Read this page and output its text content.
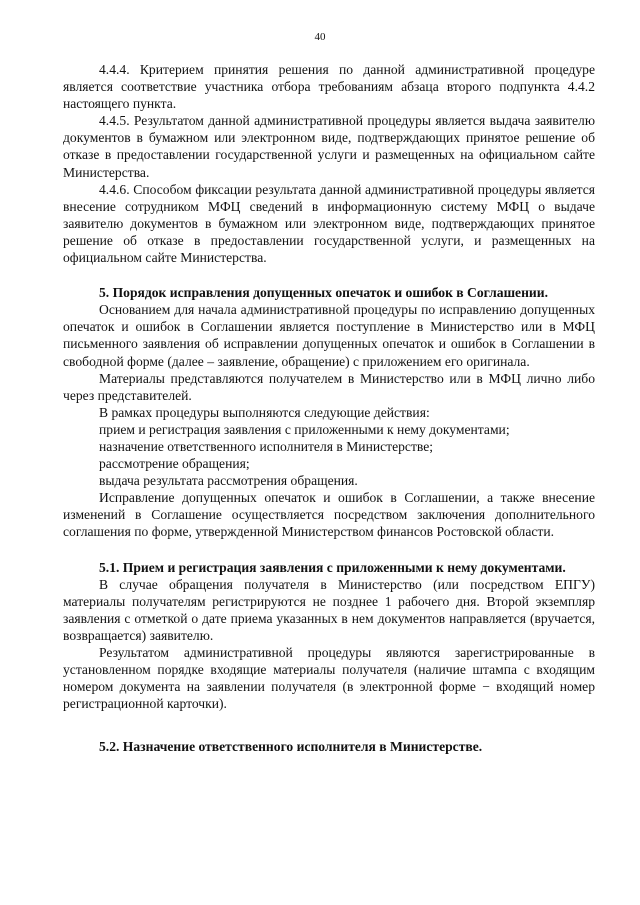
40

4.4.4. Критерием принятия решения по данной административной процедуре является соответствие участника отбора требованиям абзаца второго подпункта 4.4.2 настоящего пункта.

4.4.5. Результатом данной административной процедуры является выдача заявителю документов в бумажном или электронном виде, подтверждающих принятое решение об отказе в предоставлении государственной услуги и размещенных на официальном сайте Министерства.

4.4.6. Способом фиксации результата данной административной процедуры является внесение сотрудником МФЦ сведений в информационную систему МФЦ о выдаче заявителю документов в бумажном или электронном виде, подтверждающих принятое решение об отказе в предоставлении государственной услуги, и размещенных на официальном сайте Министерства.

5. Порядок исправления допущенных опечаток и ошибок в Соглашении.

Основанием для начала административной процедуры по исправлению допущенных опечаток и ошибок в Соглашении является поступление в Министерство или в МФЦ письменного заявления об исправлении допущенных опечаток и ошибок в Соглашении в свободной форме (далее – заявление, обращение) с приложением его оригинала.

Материалы представляются получателем в Министерство или в МФЦ лично либо через представителей.

В рамках процедуры выполняются следующие действия:

прием и регистрация заявления с приложенными к нему документами;

назначение ответственного исполнителя в Министерстве;

рассмотрение обращения;

выдача результата рассмотрения обращения.

Исправление допущенных опечаток и ошибок в Соглашении, а также внесение изменений в Соглашение осуществляется посредством заключения дополнительного соглашения по форме, утвержденной Министерством финансов Ростовской области.

5.1. Прием и регистрация заявления с приложенными к нему документами.

В случае обращения получателя в Министерство (или посредством ЕПГУ) материалы получателям регистрируются не позднее 1 рабочего дня. Второй экземпляр заявления с отметкой о дате приема указанных в нем документов направляется (вручается, возвращается) заявителю.

Результатом административной процедуры являются зарегистрированные в установленном порядке входящие материалы получателя (наличие штампа с входящим номером документа на заявлении получателя (в электронной форме − входящий номер регистрационной карточки).

5.2. Назначение ответственного исполнителя в Министерстве.
